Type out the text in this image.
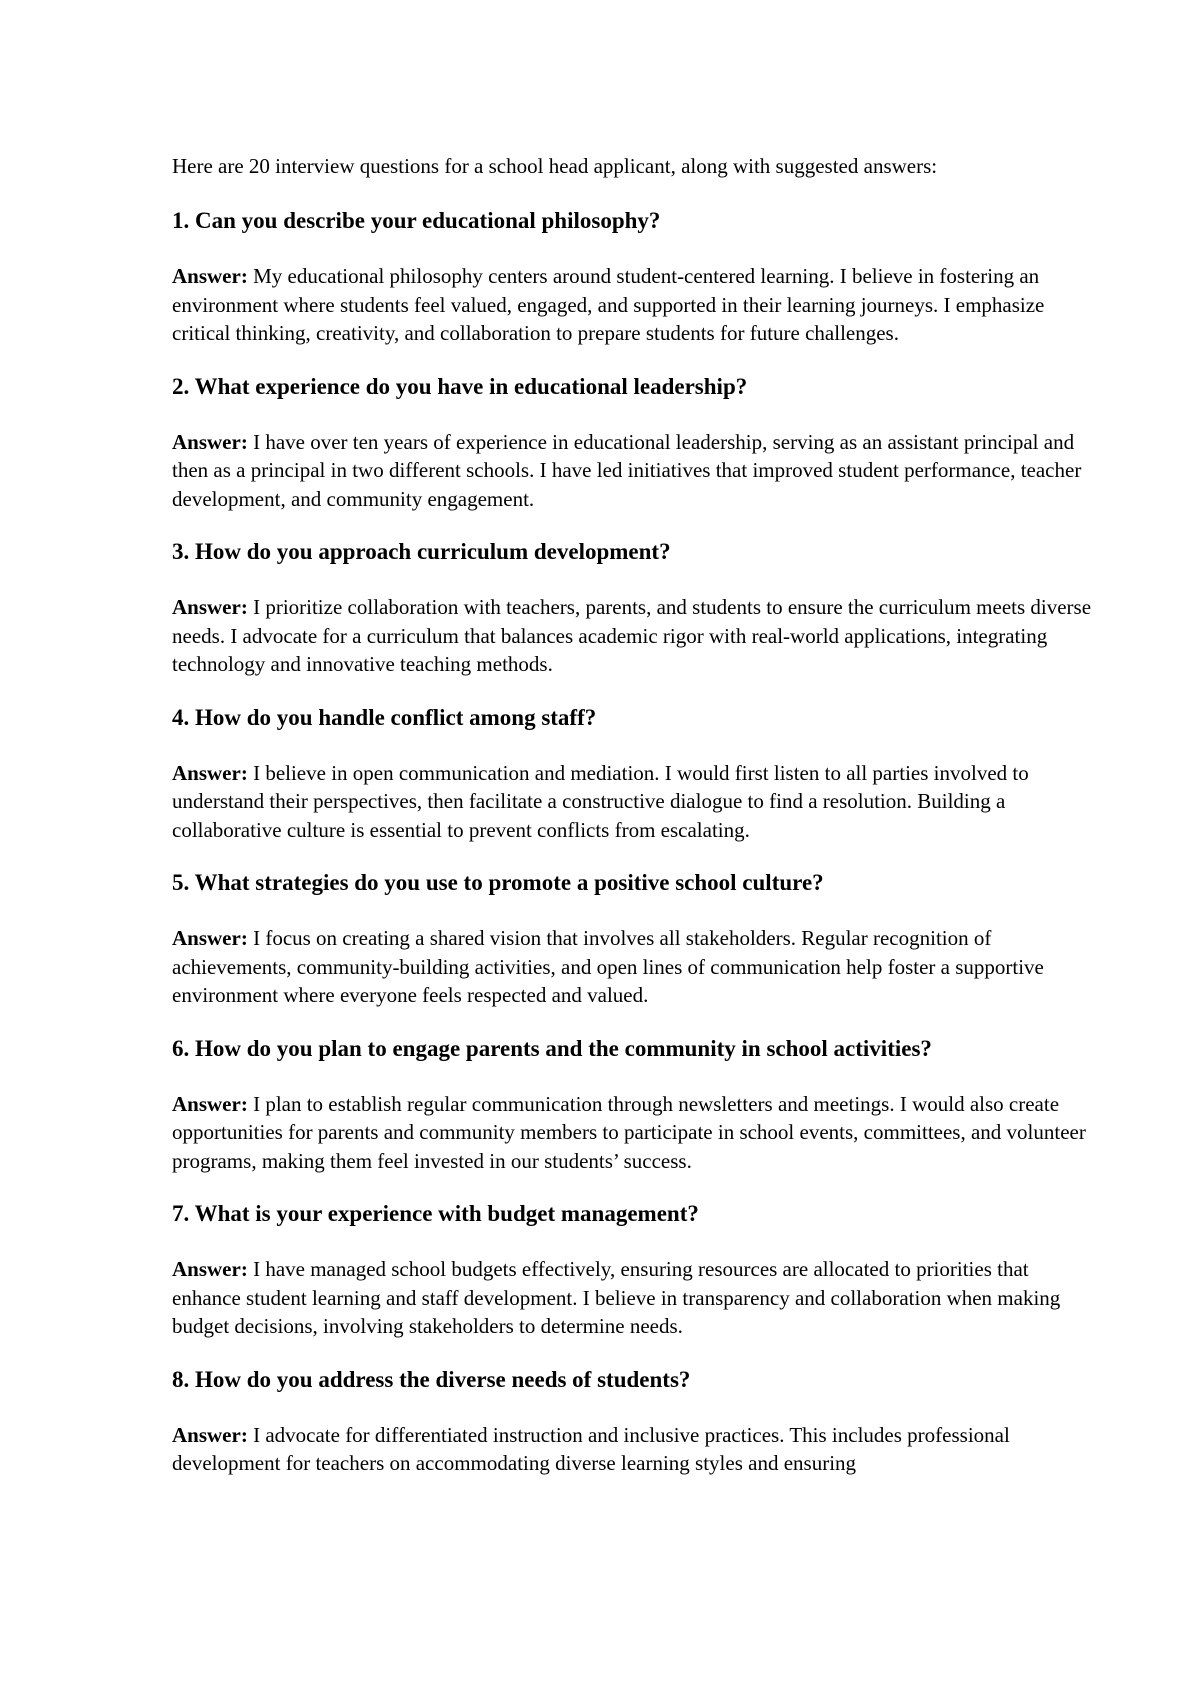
Here are 20 interview questions for a school head applicant, along with suggested answers:

1. Can you describe your educational philosophy?

Answer: My educational philosophy centers around student-centered learning. I believe in fostering an environment where students feel valued, engaged, and supported in their learning journeys. I emphasize critical thinking, creativity, and collaboration to prepare students for future challenges.

2. What experience do you have in educational leadership?

Answer: I have over ten years of experience in educational leadership, serving as an assistant principal and then as a principal in two different schools. I have led initiatives that improved student performance, teacher development, and community engagement.

3. How do you approach curriculum development?

Answer: I prioritize collaboration with teachers, parents, and students to ensure the curriculum meets diverse needs. I advocate for a curriculum that balances academic rigor with real-world applications, integrating technology and innovative teaching methods.

4. How do you handle conflict among staff?

Answer: I believe in open communication and mediation. I would first listen to all parties involved to understand their perspectives, then facilitate a constructive dialogue to find a resolution. Building a collaborative culture is essential to prevent conflicts from escalating.

5. What strategies do you use to promote a positive school culture?

Answer: I focus on creating a shared vision that involves all stakeholders. Regular recognition of achievements, community-building activities, and open lines of communication help foster a supportive environment where everyone feels respected and valued.

6. How do you plan to engage parents and the community in school activities?

Answer: I plan to establish regular communication through newsletters and meetings. I would also create opportunities for parents and community members to participate in school events, committees, and volunteer programs, making them feel invested in our students’ success.

7. What is your experience with budget management?

Answer: I have managed school budgets effectively, ensuring resources are allocated to priorities that enhance student learning and staff development. I believe in transparency and collaboration when making budget decisions, involving stakeholders to determine needs.

8. How do you address the diverse needs of students?

Answer: I advocate for differentiated instruction and inclusive practices. This includes professional development for teachers on accommodating diverse learning styles and ensuring
